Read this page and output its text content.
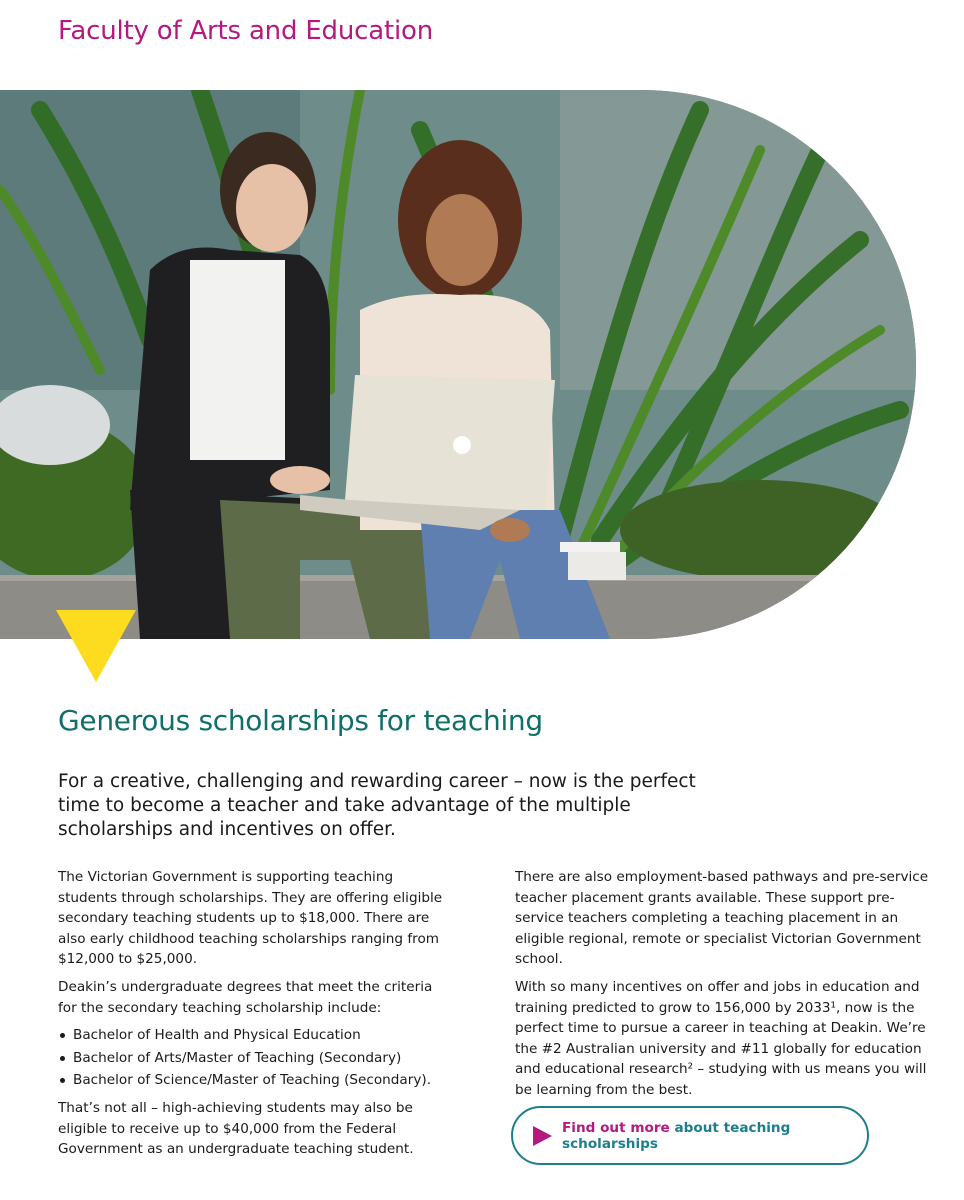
Faculty of Arts and Education
Generous scholarships for teaching
For a creative, challenging and rewarding career – now is the perfect time to become a teacher and take advantage of the multiple scholarships and incentives on offer.

The Victorian Government is supporting teaching students through scholarships. They are offering eligible secondary teaching students up to $18,000. There are also early childhood teaching scholarships ranging from $12,000 to $25,000.

Deakin’s undergraduate degrees that meet the criteria for the secondary teaching scholarship include:

Bachelor of Health and Physical Education
Bachelor of Arts/Master of Teaching (Secondary)
Bachelor of Science/Master of Teaching (Secondary).

That’s not all – high-achieving students may also be eligible to receive up to $40,000 from the Federal Government as an undergraduate teaching student.

There are also employment-based pathways and pre-service teacher placement grants available. These support pre-service teachers completing a teaching placement in an eligible regional, remote or specialist Victorian Government school.

With so many incentives on offer and jobs in education and training predicted to grow to 156,000 by 2033¹, now is the perfect time to pursue a career in teaching at Deakin. We’re the #2 Australian university and #11 globally for education and educational research² – studying with us means you will be learning from the best.

Find out more about teaching scholarships
